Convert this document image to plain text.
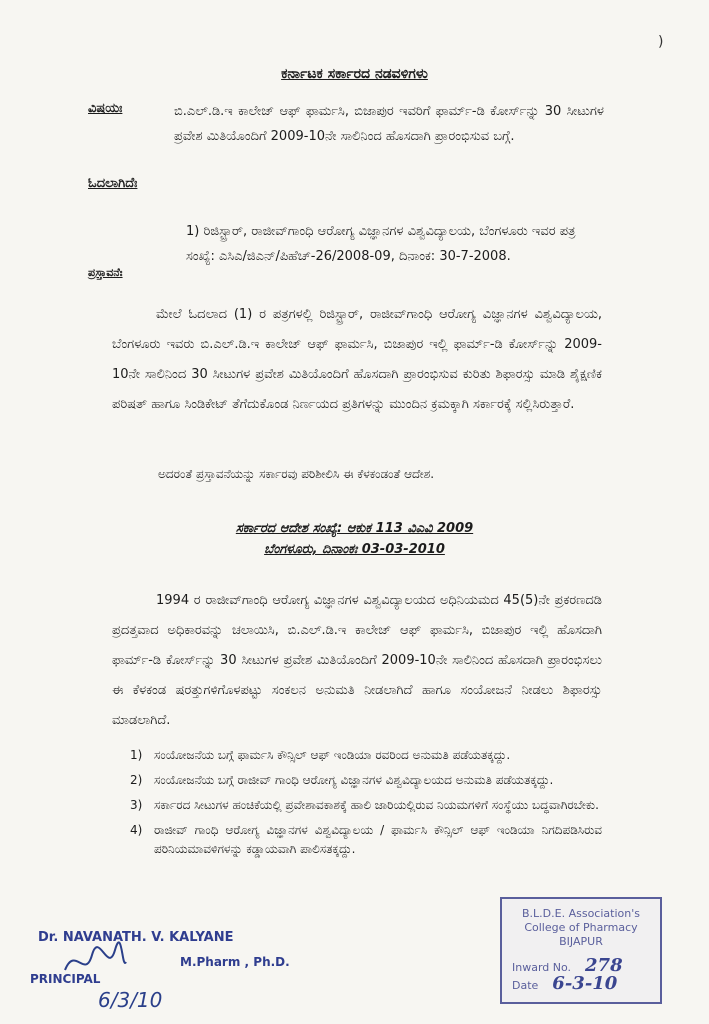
)
ಕರ್ನಾಟಕ ಸರ್ಕಾರದ ನಡವಳಿಗಳು
ವಿಷಯಃ	ಬಿ.ಎಲ್.ಡಿ.ಇ ಕಾಲೇಜ್ ಆಫ್ ಫಾರ್ಮಸಿ, ಬಿಜಾಪುರ ಇವರಿಗೆ ಫಾರ್ಮ್-ಡಿ ಕೋರ್ಸ್‌ನ್ನು 30 ಸೀಟುಗಳ ಪ್ರವೇಶ ಮಿತಿಯೊಂದಿಗೆ 2009-10ನೇ ಸಾಲಿನಿಂದ ಹೊಸದಾಗಿ ಪ್ರಾರಂಭಿಸುವ ಬಗ್ಗೆ.
ಓದಲಾಗಿದೆಃ
1) ರಿಜಿಸ್ಟ್ರಾರ್, ರಾಜೀವ್‌ಗಾಂಧಿ ಆರೋಗ್ಯ ವಿಜ್ಞಾನಗಳ ವಿಶ್ವವಿದ್ಯಾಲಯ, ಬೆಂಗಳೂರು ಇವರ ಪತ್ರ ಸಂಖ್ಯೆ: ಎಸಿಎ/ಜಿಎನ್/ಪಿಹೆಚ್-26/2008-09, ದಿನಾಂಕ: 30-7-2008.
ಪ್ರಸ್ತಾವನೆಃ
ಮೇಲೆ ಓದಲಾದ (1) ರ ಪತ್ರಗಳಲ್ಲಿ ರಿಜಿಸ್ಟ್ರಾರ್, ರಾಜೀವ್‌ಗಾಂಧಿ ಆರೋಗ್ಯ ವಿಜ್ಞಾನಗಳ ವಿಶ್ವವಿದ್ಯಾಲಯ, ಬೆಂಗಳೂರು ಇವರು ಬಿ.ಎಲ್.ಡಿ.ಇ ಕಾಲೇಜ್ ಆಫ್ ಫಾರ್ಮಸಿ, ಬಿಜಾಪುರ ಇಲ್ಲಿ ಫಾರ್ಮ್-ಡಿ ಕೋರ್ಸ್‌ನ್ನು 2009-10ನೇ ಸಾಲಿನಿಂದ 30 ಸೀಟುಗಳ ಪ್ರವೇಶ ಮಿತಿಯೊಂದಿಗೆ ಹೊಸದಾಗಿ ಪ್ರಾರಂಭಿಸುವ ಕುರಿತು ಶಿಫಾರಸ್ಸು ಮಾಡಿ ಶೈಕ್ಷಣಿಕ ಪರಿಷತ್ ಹಾಗೂ ಸಿಂಡಿಕೇಟ್ ತೆಗೆದುಕೊಂಡ ನಿರ್ಣಯದ ಪ್ರತಿಗಳನ್ನು ಮುಂದಿನ ಕ್ರಮಕ್ಕಾಗಿ ಸರ್ಕಾರಕ್ಕೆ ಸಲ್ಲಿಸಿರುತ್ತಾರೆ.
ಅದರಂತೆ ಪ್ರಸ್ತಾವನೆಯನ್ನು ಸರ್ಕಾರವು ಪರಿಶೀಲಿಸಿ ಈ ಕೆಳಕಂಡಂತೆ ಆದೇಶ.
ಸರ್ಕಾರದ ಆದೇಶ ಸಂಖ್ಯೆ: ಆಕುಕ 113 ವಿಎವಿ 2009
ಬೆಂಗಳೂರು, ದಿನಾಂಕಃ 03-03-2010
1994 ರ ರಾಜೀವ್‌ಗಾಂಧಿ ಆರೋಗ್ಯ ವಿಜ್ಞಾನಗಳ ವಿಶ್ವವಿದ್ಯಾಲಯದ ಅಧಿನಿಯಮದ 45(5)ನೇ ಪ್ರಕರಣದಡಿ ಪ್ರದತ್ತವಾದ ಅಧಿಕಾರವನ್ನು ಚಲಾಯಿಸಿ, ಬಿ.ಎಲ್.ಡಿ.ಇ ಕಾಲೇಜ್ ಆಫ್ ಫಾರ್ಮಸಿ, ಬಿಜಾಪುರ ಇಲ್ಲಿ ಹೊಸದಾಗಿ ಫಾರ್ಮ್-ಡಿ ಕೋರ್ಸ್‌ನ್ನು 30 ಸೀಟುಗಳ ಪ್ರವೇಶ ಮಿತಿಯೊಂದಿಗೆ 2009-10ನೇ ಸಾಲಿನಿಂದ ಹೊಸದಾಗಿ ಪ್ರಾರಂಭಿಸಲು ಈ ಕೆಳಕಂಡ ಷರತ್ತುಗಳಿಗೊಳಪಟ್ಟು ಸಂಕಲನ ಅನುಮತಿ ನೀಡಲಾಗಿದೆ ಹಾಗೂ ಸಂಯೋಜನೆ ನೀಡಲು ಶಿಫಾರಸ್ಸು ಮಾಡಲಾಗಿದೆ.
1) ಸಂಯೋಜನೆಯ ಬಗ್ಗೆ ಫಾರ್ಮಸಿ ಕೌನ್ಸಿಲ್ ಆಫ್ ಇಂಡಿಯಾ ರವರಿಂದ ಅನುಮತಿ ಪಡೆಯತಕ್ಕದ್ದು.
2) ಸಂಯೋಜನೆಯ ಬಗ್ಗೆ ರಾಜೀವ್ ಗಾಂಧಿ ಆರೋಗ್ಯ ವಿಜ್ಞಾನಗಳ ವಿಶ್ವವಿದ್ಯಾಲಯದ ಅನುಮತಿ ಪಡೆಯತಕ್ಕದ್ದು.
3) ಸರ್ಕಾರದ ಸೀಟುಗಳ ಹಂಚಿಕೆಯಲ್ಲಿ ಪ್ರವೇಶಾವಕಾಶಕ್ಕೆ ಹಾಲಿ ಜಾರಿಯಲ್ಲಿರುವ ನಿಯಮಗಳಿಗೆ ಸಂಸ್ಥೆಯು ಬದ್ಧವಾಗಿರಬೇಕು.
4) ರಾಜೀವ್ ಗಾಂಧಿ ಆರೋಗ್ಯ ವಿಜ್ಞಾನಗಳ ವಿಶ್ವವಿದ್ಯಾಲಯ / ಫಾರ್ಮಸಿ ಕೌನ್ಸಿಲ್ ಆಫ್ ಇಂಡಿಯಾ ನಿಗದಿಪಡಿಸಿರುವ ಪರಿನಿಯಮಾವಳಿಗಳನ್ನು ಕಡ್ಡಾಯವಾಗಿ ಪಾಲಿಸತಕ್ಕದ್ದು.
Dr. NAVANATH. V. KALYANE
M.Pharm , Ph.D.
PRINCIPAL
6/3/10
B.L.D.E. Association's
College of Pharmacy
BIJAPUR
Inward No. 278
Date 6-3-10
